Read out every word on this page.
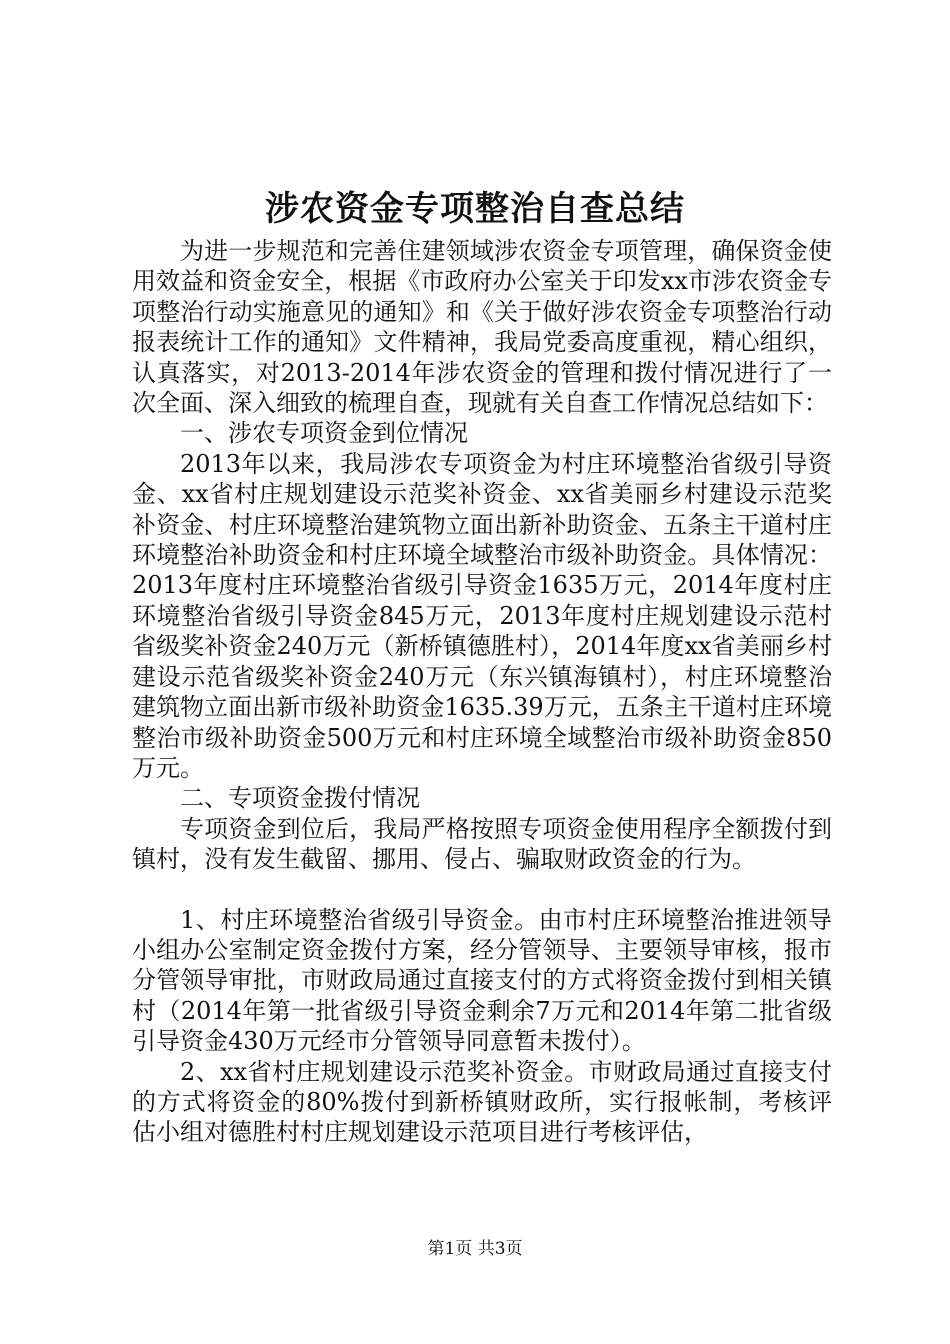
涉农资金专项整治自查总结

为进一步规范和完善住建领域涉农资金专项管理，确保资金使用效益和资金安全，根据《市政府办公室关于印发xx市涉农资金专项整治行动实施意见的通知》和《关于做好涉农资金专项整治行动报表统计工作的通知》文件精神，我局党委高度重视，精心组织，认真落实，对2013-2014年涉农资金的管理和拨付情况进行了一次全面、深入细致的梳理自查，现就有关自查工作情况总结如下：

一、涉农专项资金到位情况

2013年以来，我局涉农专项资金为村庄环境整治省级引导资金、xx省村庄规划建设示范奖补资金、xx省美丽乡村建设示范奖补资金、村庄环境整治建筑物立面出新补助资金、五条主干道村庄环境整治补助资金和村庄环境全域整治市级补助资金。具体情况：2013年度村庄环境整治省级引导资金1635万元，2014年度村庄环境整治省级引导资金845万元，2013年度村庄规划建设示范村省级奖补资金240万元（新桥镇德胜村），2014年度xx省美丽乡村建设示范省级奖补资金240万元（东兴镇海镇村），村庄环境整治建筑物立面出新市级补助资金1635.39万元，五条主干道村庄环境整治市级补助资金500万元和村庄环境全域整治市级补助资金850万元。

二、专项资金拨付情况

专项资金到位后，我局严格按照专项资金使用程序全额拨付到镇村，没有发生截留、挪用、侵占、骗取财政资金的行为。

1、村庄环境整治省级引导资金。由市村庄环境整治推进领导小组办公室制定资金拨付方案，经分管领导、主要领导审核，报市分管领导审批，市财政局通过直接支付的方式将资金拨付到相关镇村（2014年第一批省级引导资金剩余7万元和2014年第二批省级引导资金430万元经市分管领导同意暂未拨付）。

2、xx省村庄规划建设示范奖补资金。市财政局通过直接支付的方式将资金的80%拨付到新桥镇财政所，实行报帐制，考核评估小组对德胜村村庄规划建设示范项目进行考核评估，

第1页 共3页
